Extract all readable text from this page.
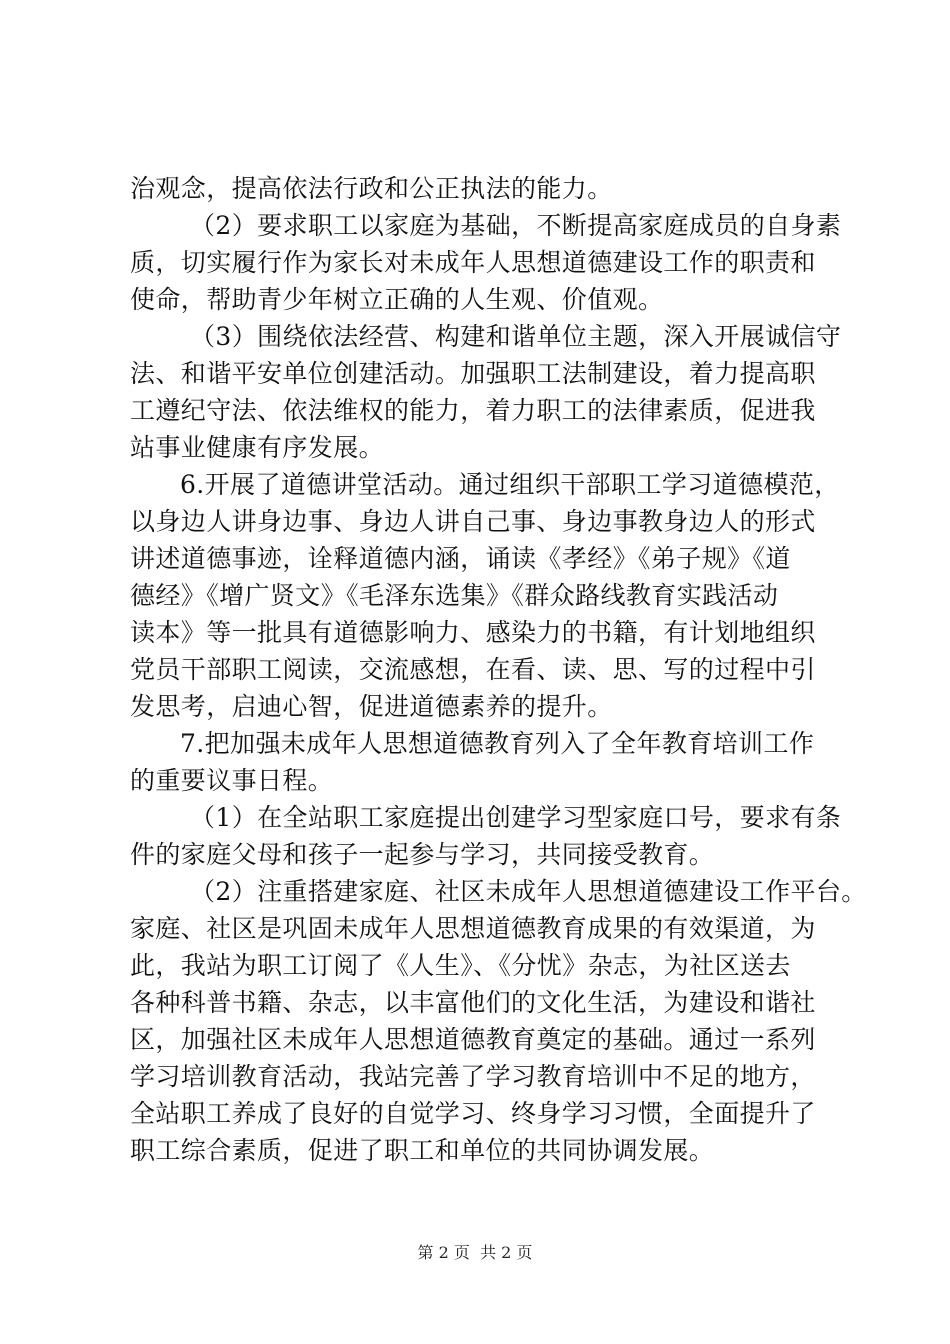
治观念，提高依法行政和公正执法的能力。
（2）要求职工以家庭为基础，不断提高家庭成员的自身素
质，切实履行作为家长对未成年人思想道德建设工作的职责和
使命，帮助青少年树立正确的人生观、价值观。
（3）围绕依法经营、构建和谐单位主题，深入开展诚信守
法、和谐平安单位创建活动。加强职工法制建设，着力提高职
工遵纪守法、依法维权的能力，着力职工的法律素质，促进我
站事业健康有序发展。
6.开展了道德讲堂活动。通过组织干部职工学习道德模范，
以身边人讲身边事、身边人讲自己事、身边事教身边人的形式
讲述道德事迹，诠释道德内涵，诵读《孝经》《弟子规》《道
德经》《增广贤文》《毛泽东选集》《群众路线教育实践活动
读本》等一批具有道德影响力、感染力的书籍，有计划地组织
党员干部职工阅读，交流感想，在看、读、思、写的过程中引
发思考，启迪心智，促进道德素养的提升。
7.把加强未成年人思想道德教育列入了全年教育培训工作
的重要议事日程。
（1）在全站职工家庭提出创建学习型家庭口号，要求有条
件的家庭父母和孩子一起参与学习，共同接受教育。
（2）注重搭建家庭、社区未成年人思想道德建设工作平台。
家庭、社区是巩固未成年人思想道德教育成果的有效渠道，为
此，我站为职工订阅了《人生》、《分忧》杂志，为社区送去
各种科普书籍、杂志，以丰富他们的文化生活，为建设和谐社
区，加强社区未成年人思想道德教育奠定的基础。通过一系列
学习培训教育活动，我站完善了学习教育培训中不足的地方，
全站职工养成了良好的自觉学习、终身学习习惯，全面提升了
职工综合素质，促进了职工和单位的共同协调发展。
第 2 页  共 2 页
